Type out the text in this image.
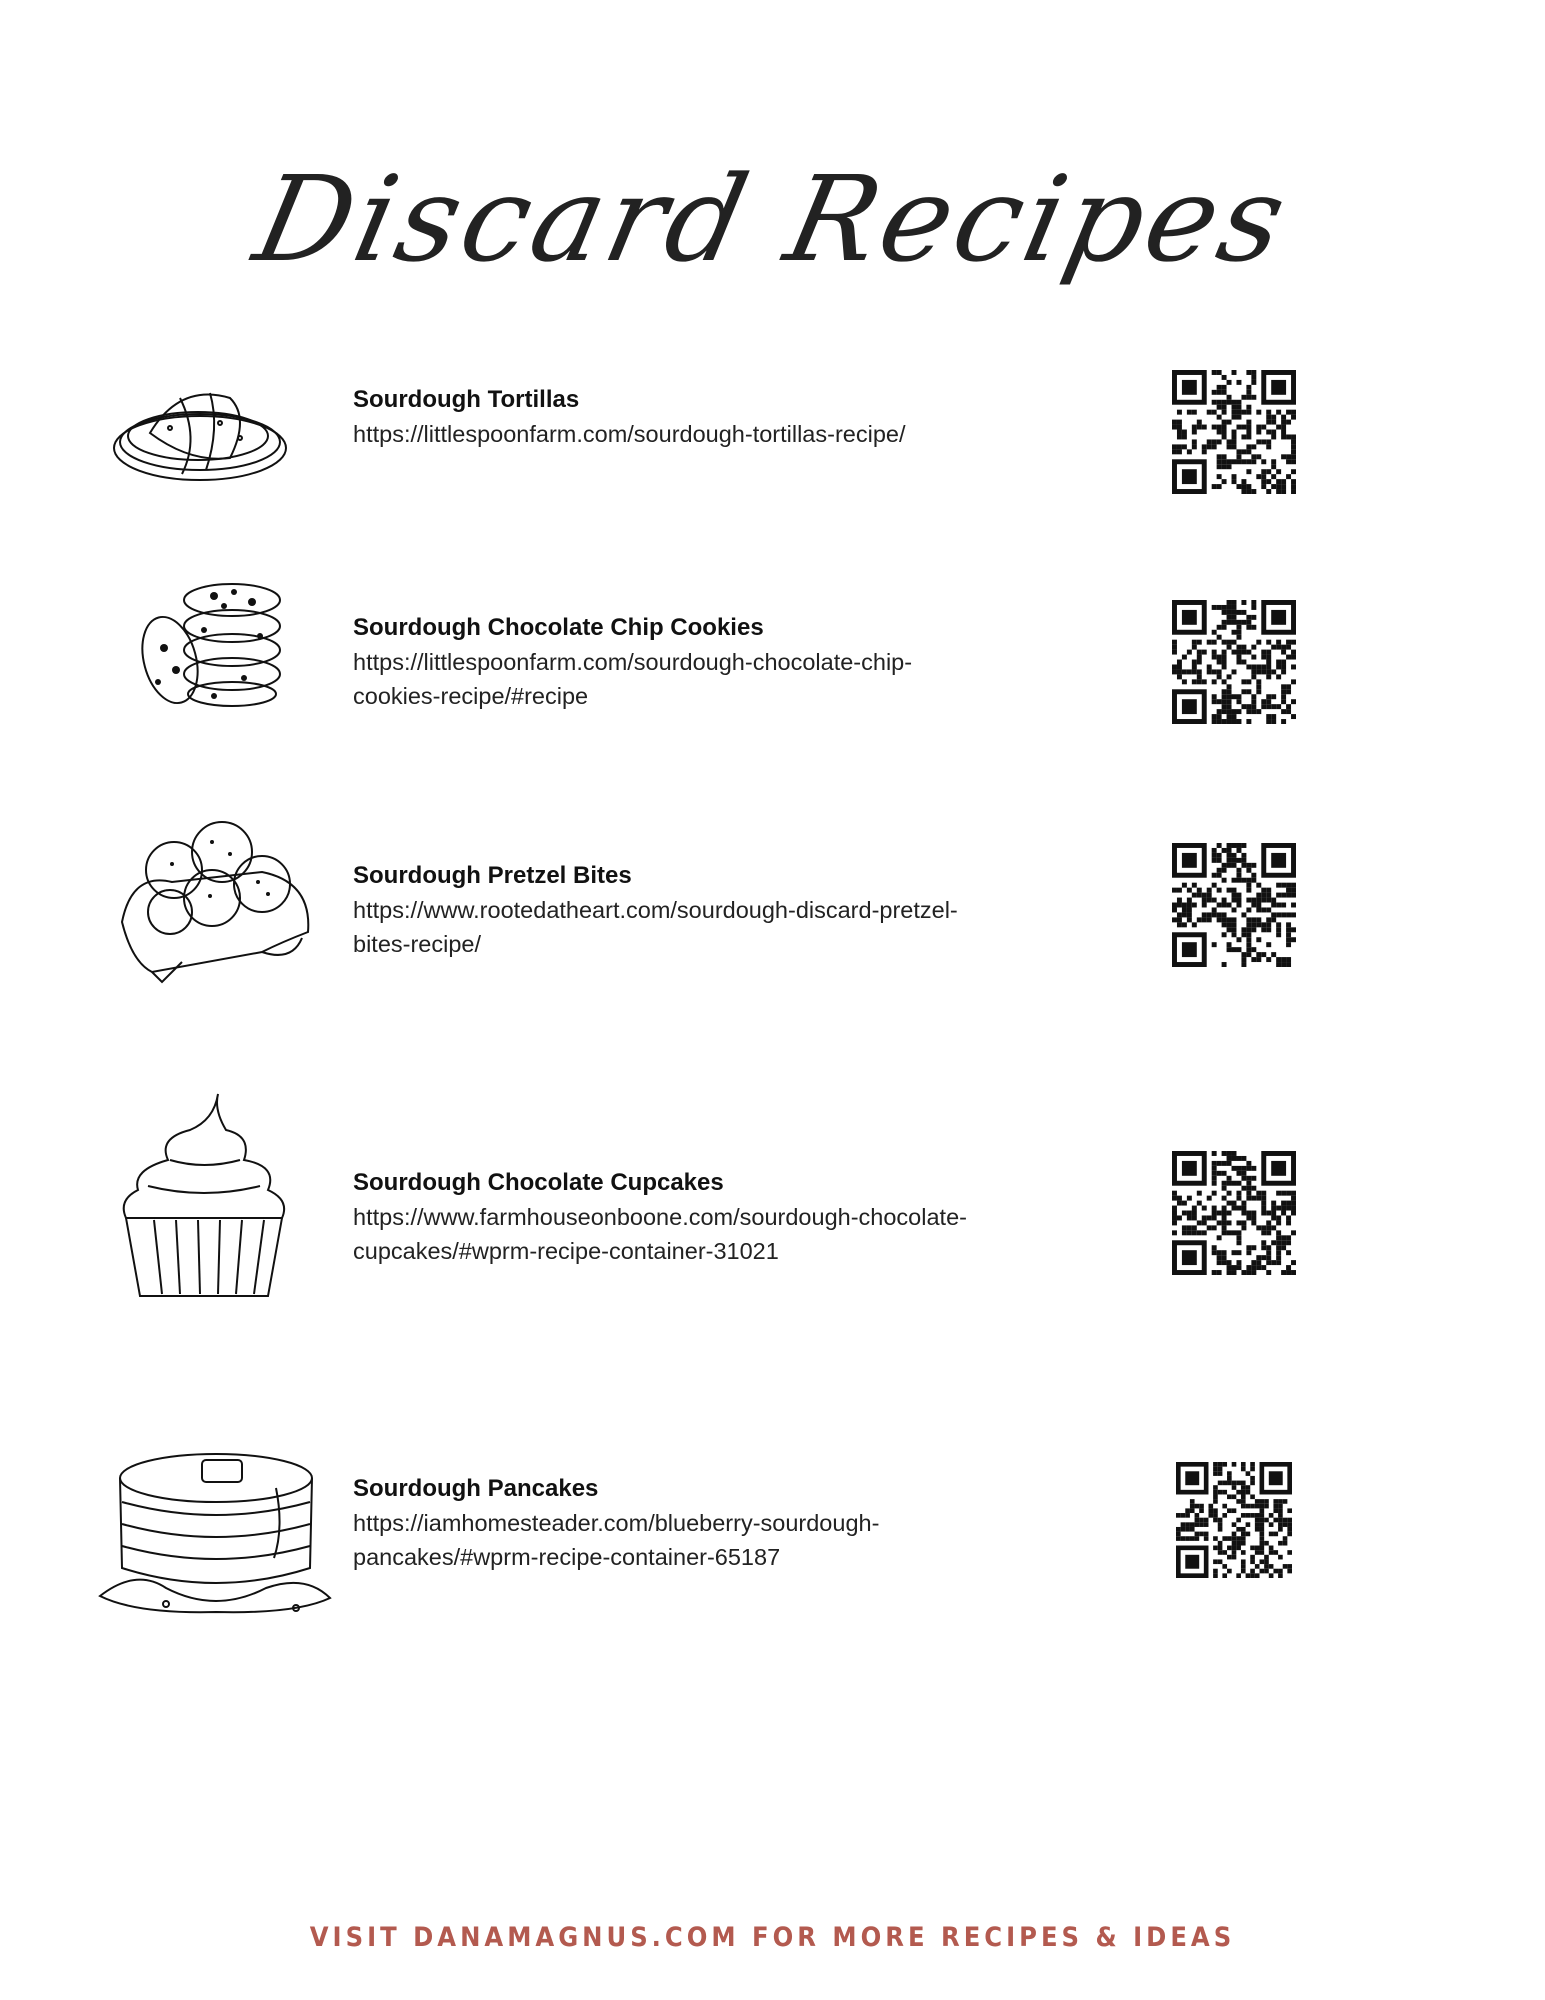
Discard Recipes
Sourdough Tortillas
https://littlespoonfarm.com/sourdough-tortillas-recipe/
Sourdough Chocolate Chip Cookies
https://littlespoonfarm.com/sourdough-chocolate-chip-
cookies-recipe/#recipe
Sourdough Pretzel Bites
https://www.rootedatheart.com/sourdough-discard-pretzel-
bites-recipe/
Sourdough Chocolate Cupcakes
https://www.farmhouseonboone.com/sourdough-chocolate-
cupcakes/#wprm-recipe-container-31021
Sourdough Pancakes
https://iamhomesteader.com/blueberry-sourdough-
pancakes/#wprm-recipe-container-65187
VISIT DANAMAGNUS.COM FOR MORE RECIPES & IDEAS
